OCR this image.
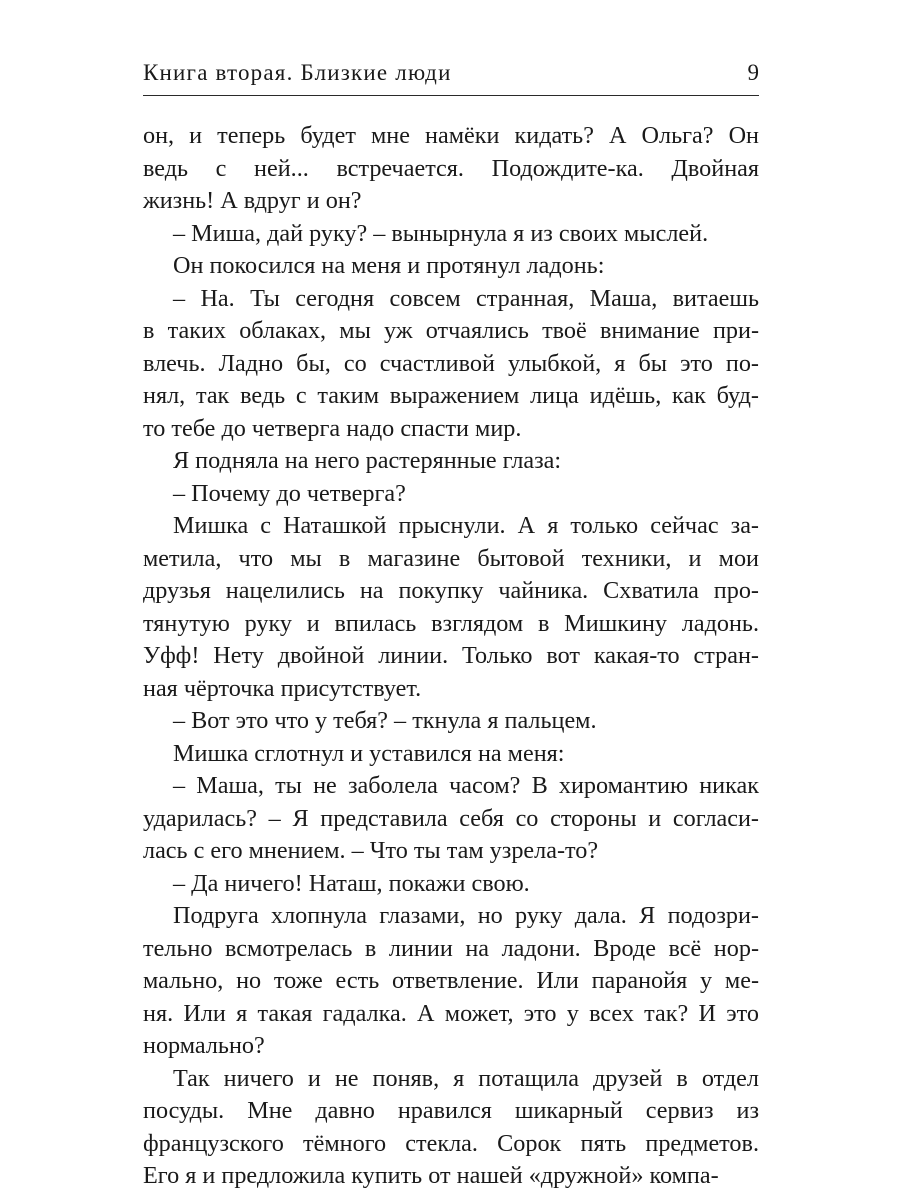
Книга вторая. Близкие люди	9
он, и теперь будет мне намёки кидать? А Ольга? Он
ведь с ней... встречается. Подождите-ка. Двойная
жизнь! А вдруг и он?
– Миша, дай руку? – вынырнула я из своих мыслей.
Он покосился на меня и протянул ладонь:
– На. Ты сегодня совсем странная, Маша, витаешь
в таких облаках, мы уж отчаялись твоё внимание при-
влечь. Ладно бы, со счастливой улыбкой, я бы это по-
нял, так ведь с таким выражением лица идёшь, как буд-
то тебе до четверга надо спасти мир.
Я подняла на него растерянные глаза:
– Почему до четверга?
Мишка с Наташкой прыснули. А я только сейчас за-
метила, что мы в магазине бытовой техники, и мои
друзья нацелились на покупку чайника. Схватила про-
тянутую руку и впилась взглядом в Мишкину ладонь.
Уфф! Нету двойной линии. Только вот какая-то стран-
ная чёрточка присутствует.
– Вот это что у тебя? – ткнула я пальцем.
Мишка сглотнул и уставился на меня:
– Маша, ты не заболела часом? В хиромантию никак
ударилась? – Я представила себя со стороны и согласи-
лась с его мнением. – Что ты там узрела-то?
– Да ничего! Наташ, покажи свою.
Подруга хлопнула глазами, но руку дала. Я подозри-
тельно всмотрелась в линии на ладони. Вроде всё нор-
мально, но тоже есть ответвление. Или паранойя у ме-
ня. Или я такая гадалка. А может, это у всех так? И это
нормально?
Так ничего и не поняв, я потащила друзей в отдел
посуды. Мне давно нравился шикарный сервиз из
французского тёмного стекла. Сорок пять предметов.
Его я и предложила купить от нашей «дружной» компа-
